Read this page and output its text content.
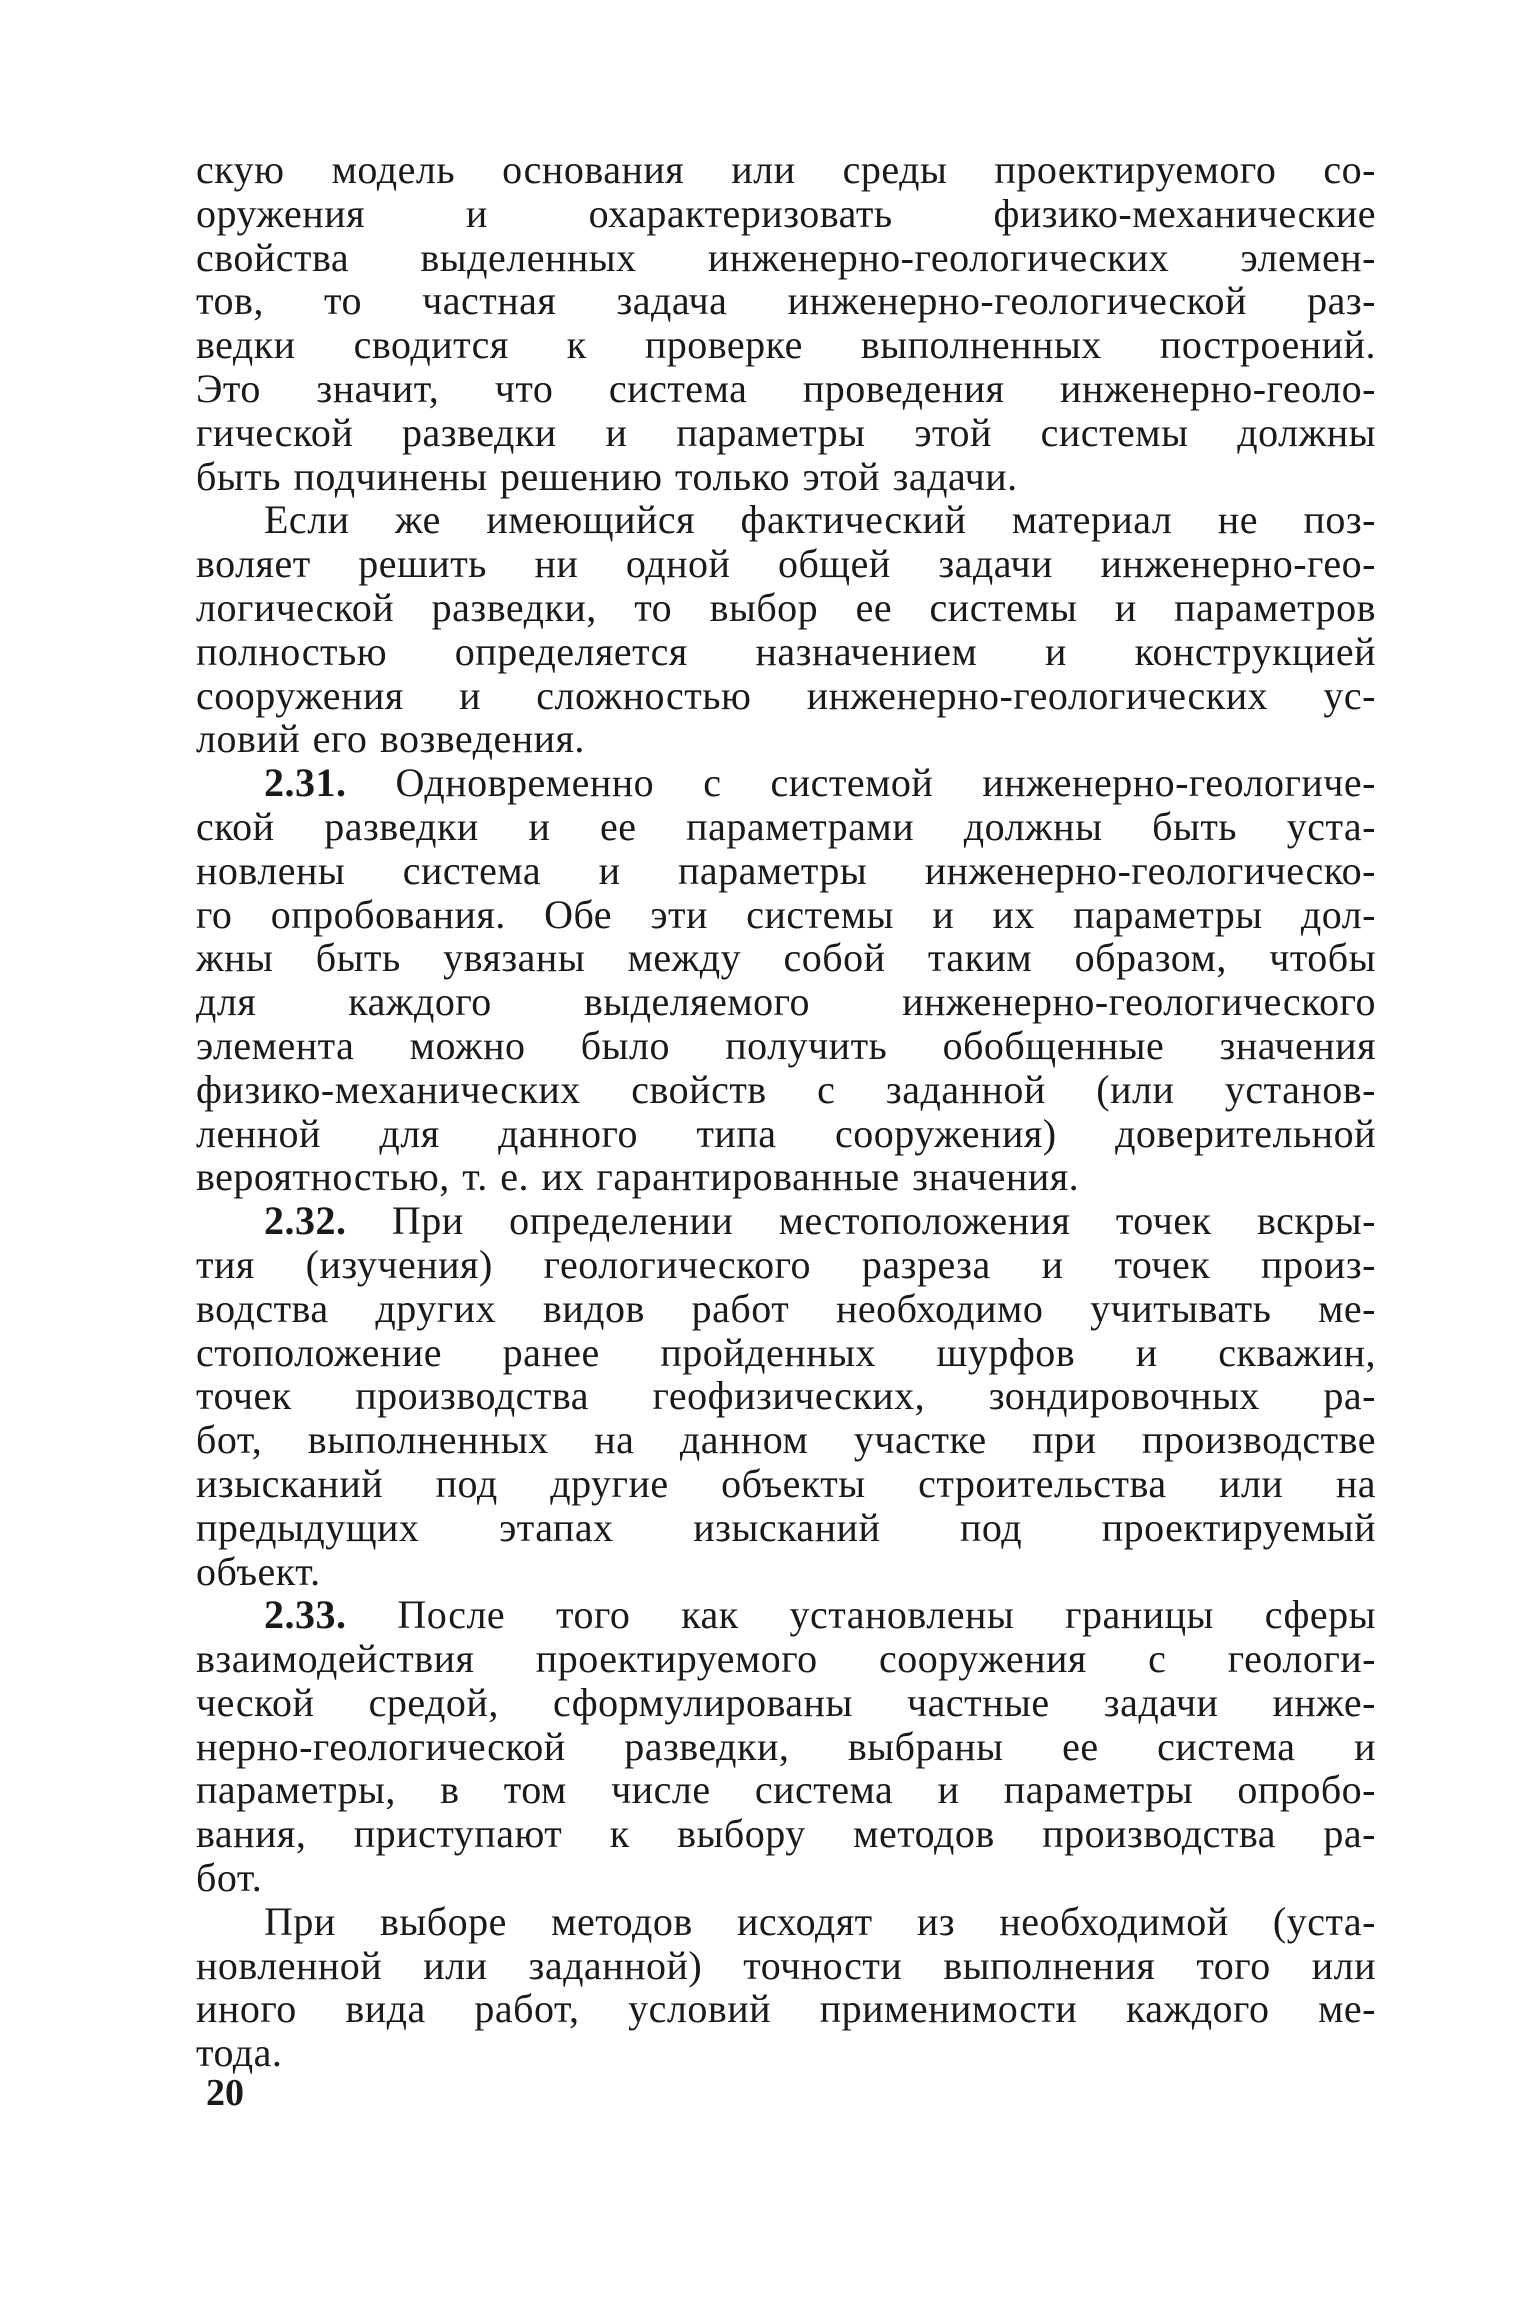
скую модель основания или среды проектируемого со-
оружения и охарактеризовать физико-механические
свойства выделенных инженерно-геологических элемен-
тов, то частная задача инженерно-геологической раз-
ведки сводится к проверке выполненных построений.
Это значит, что система проведения инженерно-геоло-
гической разведки и параметры этой системы должны
быть подчинены решению только этой задачи.
Если же имеющийся фактический материал не поз-
воляет решить ни одной общей задачи инженерно-гео-
логической разведки, то выбор ее системы и параметров
полностью определяется назначением и конструкцией
сооружения и сложностью инженерно-геологических ус-
ловий его возведения.
2.31. Одновременно с системой инженерно-геологиче-
ской разведки и ее параметрами должны быть уста-
новлены система и параметры инженерно-геологическо-
го опробования. Обе эти системы и их параметры дол-
жны быть увязаны между собой таким образом, чтобы
для каждого выделяемого инженерно-геологического
элемента можно было получить обобщенные значения
физико-механических свойств с заданной (или установ-
ленной для данного типа сооружения) доверительной
вероятностью, т. е. их гарантированные значения.
2.32. При определении местоположения точек вскры-
тия (изучения) геологического разреза и точек произ-
водства других видов работ необходимо учитывать ме-
стоположение ранее пройденных шурфов и скважин,
точек производства геофизических, зондировочных ра-
бот, выполненных на данном участке при производстве
изысканий под другие объекты строительства или на
предыдущих этапах изысканий под проектируемый
объект.
2.33. После того как установлены границы сферы
взаимодействия проектируемого сооружения с геологи-
ческой средой, сформулированы частные задачи инже-
нерно-геологической разведки, выбраны ее система и
параметры, в том числе система и параметры опробо-
вания, приступают к выбору методов производства ра-
бот.
При выборе методов исходят из необходимой (уста-
новленной или заданной) точности выполнения того или
иного вида работ, условий применимости каждого ме-
тода.
20
